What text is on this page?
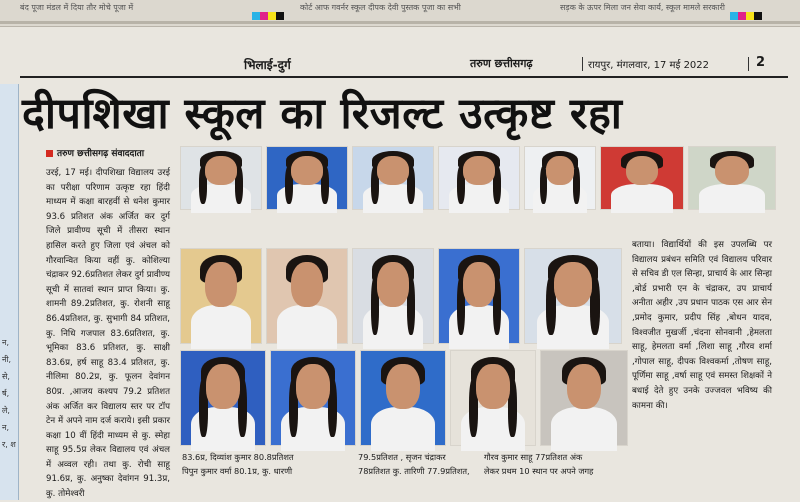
बंद पूजा मंडल में दिया तौर मोचे पूजा में	कोर्ट आफ गवर्नर स्कूल दीपक देवी पुस्तक पूजा का सभी	सड़क के ऊपर मिला जन सेवा कार्य, स्कूल मामले सरकारी
भिलाई-दुर्ग	तरुण छत्तीसगढ़	रायपुर, मंगलवार, 17 मई 2022	2
न, नी, से, र्ष, ले, न, र, श
दीपशिखा स्कूल का रिजल्ट उत्कृष्ट रहा
तरुण छत्तीसगढ़ संवाददाता
उरई, 17 मई। दीपशिखा विद्यालय उरई का परीक्षा परिणाम उत्कृष्ट रहा हिंदी माध्यम में कक्षा बारहवीं से धनेश कुमार 93.6 प्रतिशत अंक अर्जित कर दुर्ग जिले प्रावीण्य सूची में तीसरा स्थान हासिल करते हुए जिला एवं अंचल को गौरवान्वित किया वहीं कु. कोशिल्या चंद्राकर 92.6प्रतिशत लेकर दुर्ग प्रावीण्य सूची में सातवां स्थान प्राप्त किया। कु. शामनी 89.2प्रतिशत, कु. रोशनी साहू 86.4प्रतिशत, कु. सुभागी 84 प्रतिशत, कु. निधि गजपाल 83.6प्रतिशत, कु. भूमिका 83.6 प्रतिशत, कु. साक्षी 83.6प्र, हर्ष साहू 83.4 प्रतिशत, कु. नीलिमा 80.2प्र, कु. फूलन देवांगन 80प्र. ,आजय कश्यप 79.2 प्रतिशत अंक अर्जित कर विद्यालय स्तर पर टॉप टेन में अपने नाम दर्ज कराये। इसी प्रकार कक्षा 10 वीं हिंदी माध्यम से कु. स्मेहा साहू 95.5प्र लेकर विद्यालय एवं अंचल में अव्वल रही। तथा कु. रोची साहू 91.6प्र, कु. अनुष्का देवांगन 91.3प्र, कु. तोमेश्वरी
बताया। विद्यार्थियों की इस उपलब्धि पर विद्यालय प्रबंधन समिति एवं विद्यालय परिवार से सचिव डी एल सिन्हा, प्राचार्य के आर सिन्हा ,बोर्ड प्रभारी एन के चंद्राकर, उप प्राचार्य अनीता अहीर ,उप प्रधान पाठक एस आर सेन ,प्रमोद कुमार, प्रदीप सिंह ,बोधन यादव, विश्वजीत मुखर्जी ,चंदना सोनवानी ,हेमलता साहू, हेमलता वर्मा ,लिशा साहू ,गौरव शर्मा ,गोपाल साहू, दीपक विश्वकर्मा ,तोषण साहू, पूर्णिमा साहू ,वर्षा साहू एवं समस्त शिक्षकों ने बधाई देते हुए उनके उज्जवल भविष्य की कामना की।
83.6प्र, दिव्यांश कुमार 80.8प्रतिशत	79.5प्रतिशत , सृजन चंद्राकर	गौरव कुमार साहू 77प्रतिशत अंक
पिपुन कुमार वर्मा 80.1प्र, कु. धारणी	78प्रतिशत कु. तारिणी 77.9प्रतिशत, लेकर प्रथम 10 स्थान पर अपने जगह
